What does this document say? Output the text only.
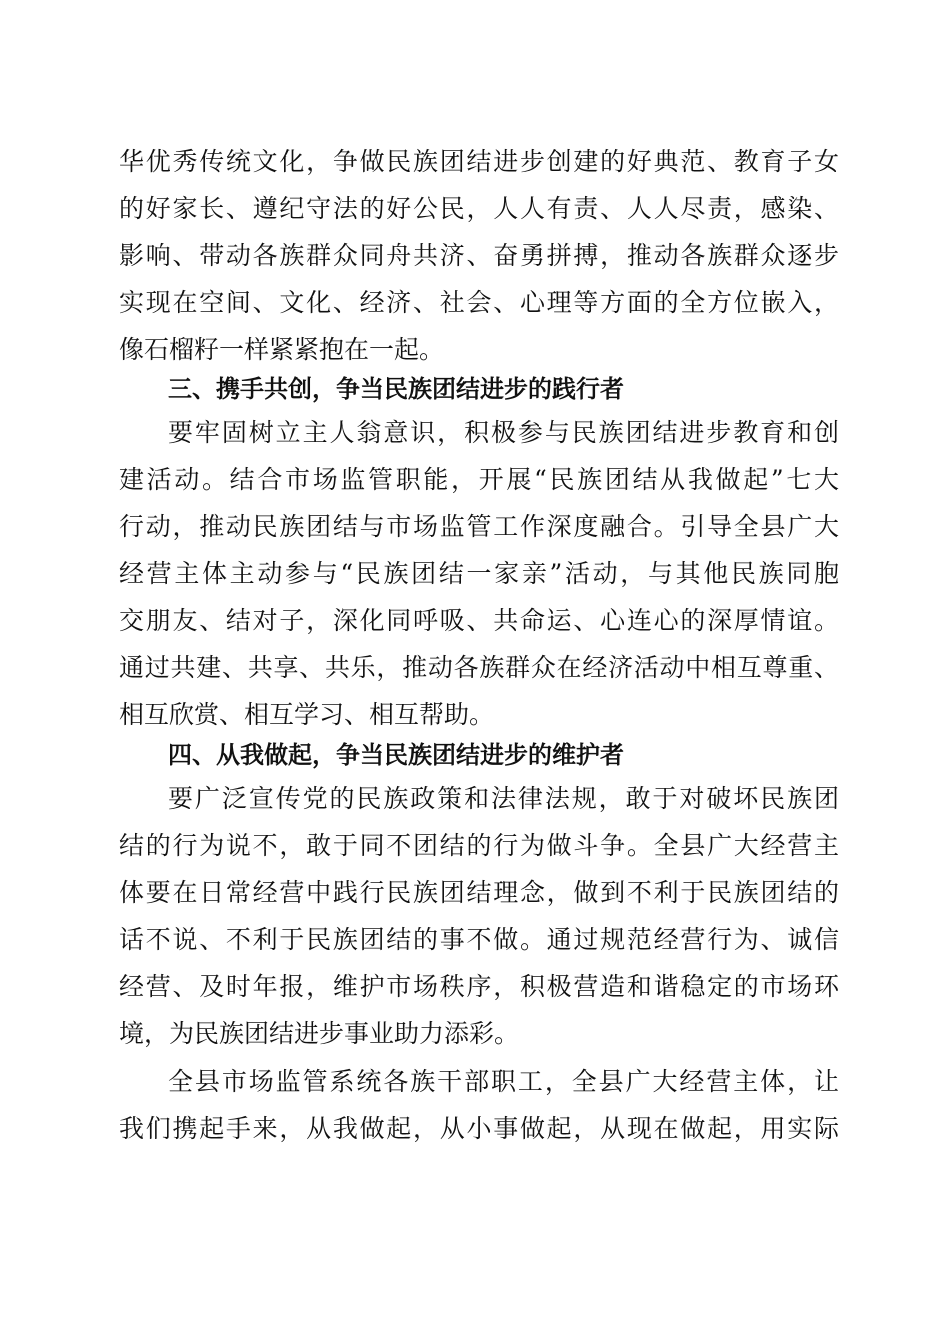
华优秀传统文化，争做民族团结进步创建的好典范、教育子女
的好家长、遵纪守法的好公民，人人有责、人人尽责，感染、
影响、带动各族群众同舟共济、奋勇拼搏，推动各族群众逐步
实现在空间、文化、经济、社会、心理等方面的全方位嵌入，
像石榴籽一样紧紧抱在一起。
三、携手共创，争当民族团结进步的践行者
要牢固树立主人翁意识，积极参与民族团结进步教育和创
建活动。结合市场监管职能，开展“民族团结从我做起”七大
行动，推动民族团结与市场监管工作深度融合。引导全县广大
经营主体主动参与“民族团结一家亲”活动，与其他民族同胞
交朋友、结对子，深化同呼吸、共命运、心连心的深厚情谊。
通过共建、共享、共乐，推动各族群众在经济活动中相互尊重、
相互欣赏、相互学习、相互帮助。
四、从我做起，争当民族团结进步的维护者
要广泛宣传党的民族政策和法律法规，敢于对破坏民族团
结的行为说不，敢于同不团结的行为做斗争。全县广大经营主
体要在日常经营中践行民族团结理念，做到不利于民族团结的
话不说、不利于民族团结的事不做。通过规范经营行为、诚信
经营、及时年报，维护市场秩序，积极营造和谐稳定的市场环
境，为民族团结进步事业助力添彩。
全县市场监管系统各族干部职工，全县广大经营主体，让
我们携起手来，从我做起，从小事做起，从现在做起，用实际
